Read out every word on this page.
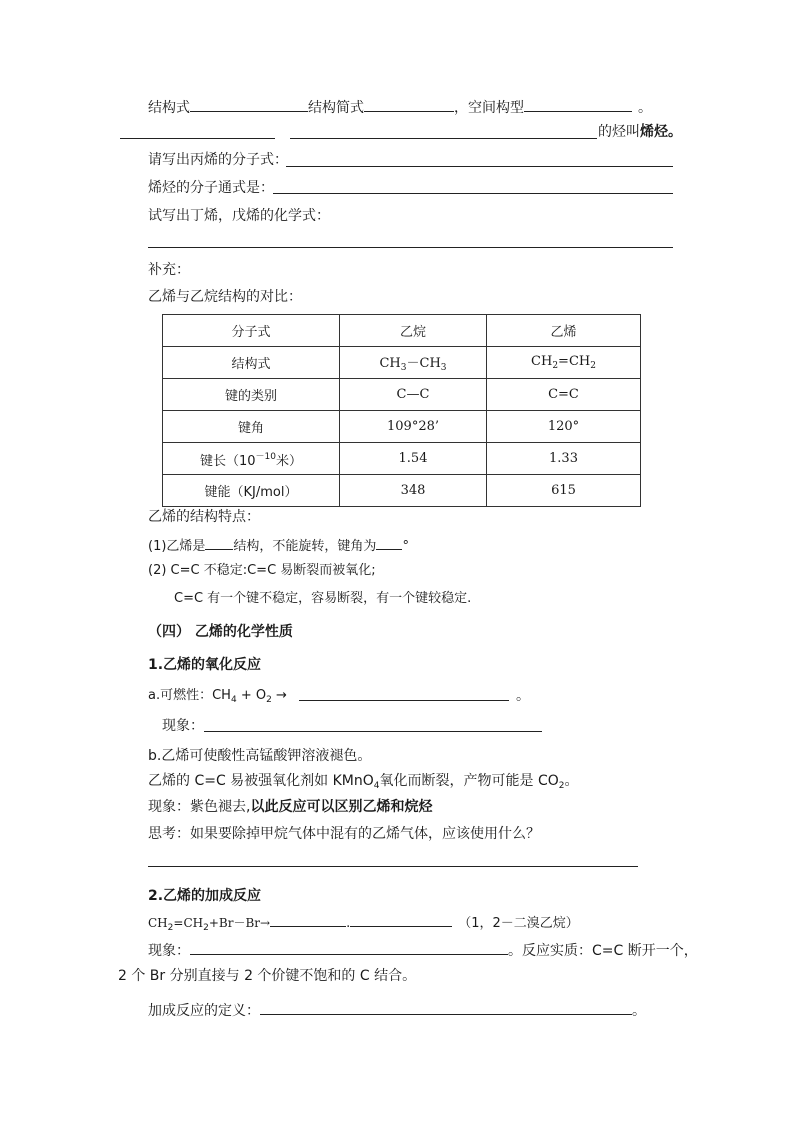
结构式	结构简式	，空间构型	。
的烃叫烯烃。
请写出丙烯的分子式：
烯烃的分子通式是：
试写出丁烯，戊烯的化学式：
补充：
乙烯与乙烷结构的对比：
分子式	乙烷	乙烯
结构式	$CH_3-CH_3$	$CH_2=CH_2$
键的类别	C—C	C=C
键角	109°28’	120°
键长（$10^{-10}$米）	1.54	1.33
键能（KJ/mol）	348	615
乙烯的结构特点：
(1)乙烯是 结构，不能旋转，键角为 °
(2) C=C 不稳定:C=C 易断裂而被氧化;
C=C 有一个键不稳定，容易断裂，有一个键较稳定.
（四） 乙烯的化学性质
1.乙烯的氧化反应
a.可燃性：$CH_4 + O_2$ →	。
现象：
b.乙烯可使酸性高锰酸钾溶液褪色。
乙烯的 C=C 易被强氧化剂如 KMnO$_4$氧化而断裂，产物可能是 $CO_2$。
现象：紫色褪去,以此反应可以区别乙烯和烷烃
思考：如果要除掉甲烷气体中混有的乙烯气体，应该使用什么？
2.乙烯的加成反应
$CH_2=CH_2+Br-Br\to$	.	（1，2－二溴乙烷）
现象：	。反应实质：C=C 断开一个，
2 个 Br 分别直接与 2 个价键不饱和的 C 结合。
加成反应的定义：	。
